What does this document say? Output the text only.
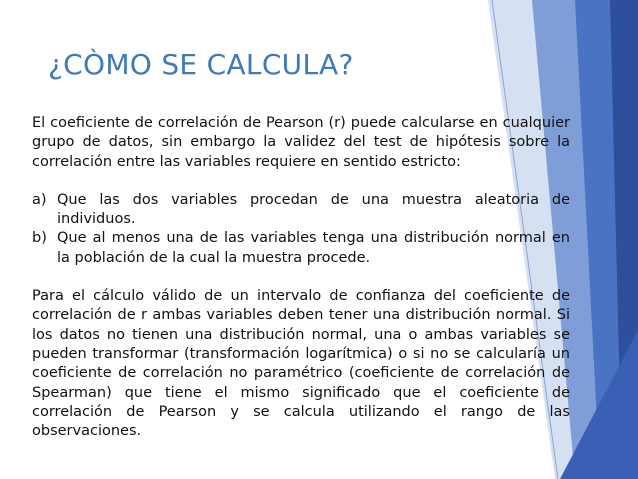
¿CÒMO SE CALCULA?

El coeficiente de correlación de Pearson (r) puede calcularse en cualquier grupo de datos, sin embargo la validez del test de hipótesis sobre la correlación entre las variables requiere en sentido estricto:

a) Que las dos variables procedan de una muestra aleatoria de individuos.
b) Que al menos una de las variables tenga una distribución normal en la población de la cual la muestra procede.

Para el cálculo válido de un intervalo de confianza del coeficiente de correlación de r ambas variables deben tener una distribución normal. Si los datos no tienen una distribución normal, una o ambas variables se pueden transformar (transformación logarítmica) o si no se calcularía un coeficiente de correlación no paramétrico (coeficiente de correlación de Spearman) que tiene el mismo significado que el coeficiente de correlación de Pearson y se calcula utilizando el rango de las observaciones.
